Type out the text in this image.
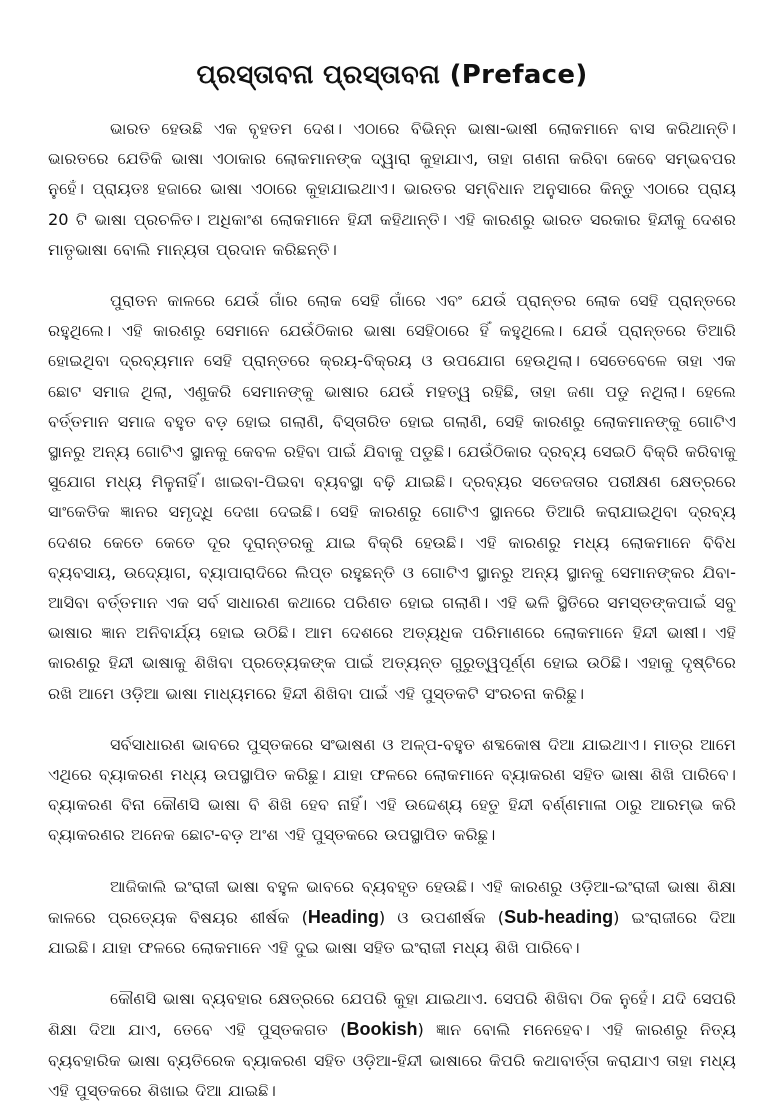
ପ୍ରସ୍ତାବନା ପ୍ରସ୍ତାବନା (Preface)

ଭାରତ ହେଉଛି ଏକ ବୃହତମ ଦେଶ। ଏଠାରେ ବିଭିନ୍ନ ଭାଷା-ଭାଷୀ ଲୋକମାନେ ବାସ କରିଥାନ୍ତି। ଭାରତରେ ଯେତିକି ଭାଷା ଏଠାକାର ଲୋକମାନଙ୍କ ଦ୍ୱାରା କୁହାଯାଏ, ତାହା ଗଣନା କରିବା କେବେ ସମ୍ଭବପର ନୁହେଁ। ପ୍ରାୟତଃ ହଜାରେ ଭାଷା ଏଠାରେ କୁହାଯାଇଥାଏ। ଭାରତର ସମ୍ବିଧାନ ଅନୁସାରେ କିନ୍ତୁ ଏଠାରେ ପ୍ରାୟ 20 ଟି ଭାଷା ପ୍ରଚଳିତ। ଅଧିକାଂଶ ଲୋକମାନେ ହିନ୍ଦୀ କହିଥାନ୍ତି। ଏହି କାରଣରୁ ଭାରତ ସରକାର ହିନ୍ଦୀକୁ ଦେଶର ମାତୃଭାଷା ବୋଲି ମାନ୍ୟତା ପ୍ରଦାନ କରିଛନ୍ତି।

ପୁରାତନ କାଳରେ ଯେଉଁ ଗାଁର ଲୋକ ସେହି ଗାଁରେ ଏବଂ ଯେଉଁ ପ୍ରାନ୍ତର ଲୋକ ସେହି ପ୍ରାନ୍ତରେ ରହୁଥିଲେ। ଏହି କାରଣରୁ ସେମାନେ ଯେଉଁଠିକାର ଭାଷା ସେହିଠାରେ ହିଁ କହୁଥିଲେ। ଯେଉଁ ପ୍ରାନ୍ତରେ ତିଆରି ହୋଇଥିବା ଦ୍ରବ୍ୟମାନ ସେହି ପ୍ରାନ୍ତରେ କ୍ରୟ-ବିକ୍ରୟ ଓ ଉପଯୋଗ ହେଉଥିଲା। ସେତେବେଳେ ତାହା ଏକ ଛୋଟ ସମାଜ ଥିଲା, ଏଣୁକରି ସେମାନଙ୍କୁ ଭାଷାର ଯେଉଁ ମହତ୍ୱ ରହିଛି, ତାହା ଜଣା ପଡୁ ନଥିଲା। ହେଲେ ବର୍ତ୍ତମାନ ସମାଜ ବହୁତ ବଡ଼ ହୋଇ ଗଲାଣି, ବିସ୍ତାରିତ ହୋଇ ଗଲାଣି, ସେହି କାରଣରୁ ଲୋକମାନଙ୍କୁ ଗୋଟିଏ ସ୍ଥାନରୁ ଅନ୍ୟ ଗୋଟିଏ ସ୍ଥାନକୁ କେବଳ ରହିବା ପାଇଁ ଯିବାକୁ ପଡୁଛି। ଯେଉଁଠିକାର ଦ୍ରବ୍ୟ ସେଇଠି ବିକ୍ରି କରିବାକୁ ସୁଯୋଗ ମଧ୍ୟ ମିଳୁନାହିଁ। ଖାଇବା-ପିଇବା ବ୍ୟବସ୍ଥା ବଢ଼ି ଯାଇଛି। ଦ୍ରବ୍ୟର ସତେଜତାର ପରୀକ୍ଷଣ କ୍ଷେତ୍ରରେ ସାଂକେତିକ ଜ୍ଞାନର ସମୃଦ୍ଧି ଦେଖା ଦେଇଛି। ସେହି କାରଣରୁ ଗୋଟିଏ ସ୍ଥାନରେ ତିଆରି କରାଯାଇଥିବା ଦ୍ରବ୍ୟ ଦେଶର କେତେ କେତେ ଦୂର ଦୂରାନ୍ତରକୁ ଯାଇ ବିକ୍ରି ହେଉଛି। ଏହି କାରଣରୁ ମଧ୍ୟ ଲୋକମାନେ ବିବିଧ ବ୍ୟବସାୟ, ଉଦ୍ୟୋଗ, ବ୍ୟାପାରାଦିରେ ଲିପ୍ତ ରହୁଛନ୍ତି ଓ ଗୋଟିଏ ସ୍ଥାନରୁ ଅନ୍ୟ ସ୍ଥାନକୁ ସେମାନଙ୍କର ଯିବା-ଆସିବା ବର୍ତ୍ତମାନ ଏକ ସର୍ବ ସାଧାରଣ କଥାରେ ପରିଣତ ହୋଇ ଗଲାଣି। ଏହି ଭଳି ସ୍ଥିତିରେ ସମସ୍ତଙ୍କପାଇଁ ସବୁ ଭାଷାର ଜ୍ଞାନ ଅନିବାର୍ଯ୍ୟ ହୋଇ ଉଠିଛି। ଆମ ଦେଶରେ ଅତ୍ୟଧିକ ପରିମାଣରେ ଲୋକମାନେ ହିନ୍ଦୀ ଭାଷୀ। ଏହି କାରଣରୁ ହିନ୍ଦୀ ଭାଷାକୁ ଶିଖିବା ପ୍ରତ୍ୟେକଙ୍କ ପାଇଁ ଅତ୍ୟନ୍ତ ଗୁରୁତ୍ୱପୂର୍ଣ୍ଣ ହୋଇ ଉଠିଛି। ଏହାକୁ ଦୃଷ୍ଟିରେ ରଖି ଆମେ ଓଡ଼ିଆ ଭାଷା ମାଧ୍ୟମରେ ହିନ୍ଦୀ ଶିଖିବା ପାଇଁ ଏହି ପୁସ୍ତକଟି ସଂରଚନା କରିଛୁ।

ସର୍ବସାଧାରଣ ଭାବରେ ପୁସ୍ତକରେ ସଂଭାଷଣ ଓ ଅଳ୍ପ-ବହୁତ ଶବ୍ଦକୋଷ ଦିଆ ଯାଇଥାଏ। ମାତ୍ର ଆମେ ଏଥିରେ ବ୍ୟାକରଣ ମଧ୍ୟ ଉପସ୍ଥାପିତ କରିଛୁ। ଯାହା ଫଳରେ ଲୋକମାନେ ବ୍ୟାକରଣ ସହିତ ଭାଷା ଶିଖି ପାରିବେ। ବ୍ୟାକରଣ ବିନା କୌଣସି ଭାଷା ବି ଶିଖି ହେବ ନାହିଁ। ଏହି ଉଦ୍ଦେଶ୍ୟ ହେତୁ ହିନ୍ଦୀ ବର୍ଣ୍ଣମାଳା ଠାରୁ ଆରମ୍ଭ କରି ବ୍ୟାକରଣର ଅନେକ ଛୋଟ-ବଡ଼ ଅଂଶ ଏହି ପୁସ୍ତକରେ ଉପସ୍ଥାପିତ କରିଛୁ।

ଆଜିକାଲି ଇଂରାଜୀ ଭାଷା ବହୁଳ ଭାବରେ ବ୍ୟବହୃତ ହେଉଛି। ଏହି କାରଣରୁ ଓଡ଼ିଆ-ଇଂରାଜୀ ଭାଷା ଶିକ୍ଷା କାଳରେ ପ୍ରତ୍ୟେକ ବିଷୟର ଶୀର୍ଷକ (Heading) ଓ ଉପଶୀର୍ଷକ (Sub-heading) ଇଂରାଜୀରେ ଦିଆ ଯାଇଛି। ଯାହା ଫଳରେ ଲୋକମାନେ ଏହି ଦୁଇ ଭାଷା ସହିତ ଇଂରାଜୀ ମଧ୍ୟ ଶିଖି ପାରିବେ।

କୌଣସି ଭାଷା ବ୍ୟବହାର କ୍ଷେତ୍ରରେ ଯେପରି କୁହା ଯାଇଥାଏ. ସେପରି ଶିଖିବା ଠିକ ନୁହେଁ। ଯଦି ସେପରି ଶିକ୍ଷା ଦିଆ ଯାଏ, ତେବେ ଏହି ପୁସ୍ତକଗତ (Bookish) ଜ୍ଞାନ ବୋଲି ମନେହେବ। ଏହି କାରଣରୁ ନିତ୍ୟ ବ୍ୟବହାରିକ ଭାଷା ବ୍ୟତିରେକ ବ୍ୟାକରଣ ସହିତ ଓଡ଼ିଆ-ହିନ୍ଦୀ ଭାଷାରେ କିପରି କଥାବାର୍ତ୍ତା କରାଯାଏ ତାହା ମଧ୍ୟ ଏହି ପୁସ୍ତକରେ ଶିଖାଇ ଦିଆ ଯାଇଛି।
